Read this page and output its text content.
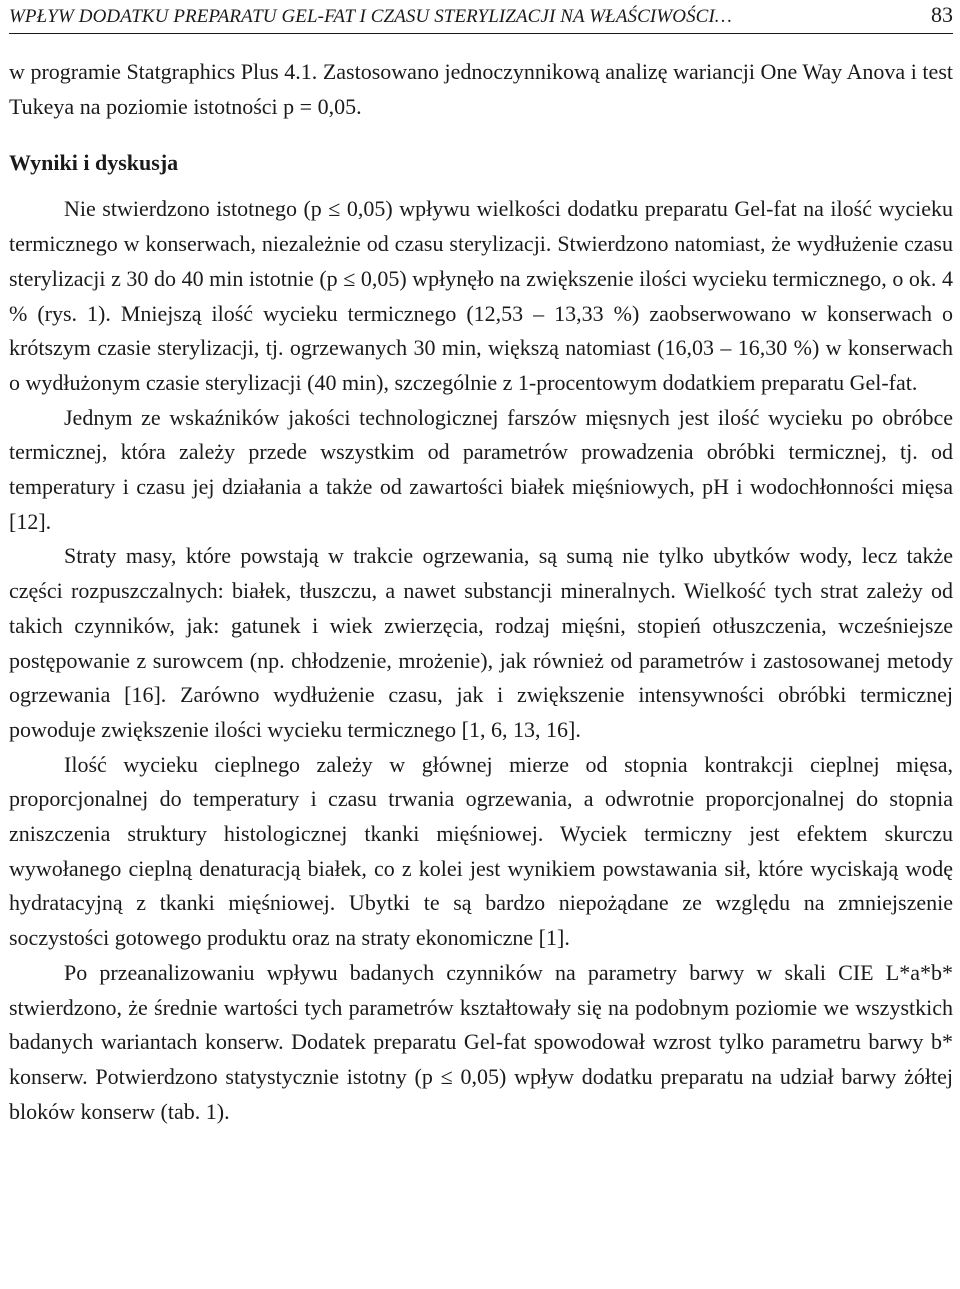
WPŁYW DODATKU PREPARATU GEL-FAT I CZASU STERYLIZACJI NA WŁAŚCIWOŚCI…	83

w programie Statgraphics Plus 4.1. Zastosowano jednoczynnikową analizę wariancji One Way Anova i test Tukeya na poziomie istotności p = 0,05.

Wyniki i dyskusja

Nie stwierdzono istotnego (p ≤ 0,05) wpływu wielkości dodatku preparatu Gel-fat na ilość wycieku termicznego w konserwach, niezależnie od czasu sterylizacji. Stwierdzono natomiast, że wydłużenie czasu sterylizacji z 30 do 40 min istotnie (p ≤ 0,05) wpłynęło na zwiększenie ilości wycieku termicznego, o ok. 4 % (rys. 1). Mniejszą ilość wycieku termicznego (12,53 – 13,33 %) zaobserwowano w konserwach o krótszym czasie sterylizacji, tj. ogrzewanych 30 min, większą natomiast (16,03 – 16,30 %) w konserwach o wydłużonym czasie sterylizacji (40 min), szczególnie z 1-procentowym dodatkiem preparatu Gel-fat.

Jednym ze wskaźników jakości technologicznej farszów mięsnych jest ilość wycieku po obróbce termicznej, która zależy przede wszystkim od parametrów prowadzenia obróbki termicznej, tj. od temperatury i czasu jej działania a także od zawartości białek mięśniowych, pH i wodochłonności mięsa [12].

Straty masy, które powstają w trakcie ogrzewania, są sumą nie tylko ubytków wody, lecz także części rozpuszczalnych: białek, tłuszczu, a nawet substancji mineralnych. Wielkość tych strat zależy od takich czynników, jak: gatunek i wiek zwierzęcia, rodzaj mięśni, stopień otłuszczenia, wcześniejsze postępowanie z surowcem (np. chłodzenie, mrożenie), jak również od parametrów i zastosowanej metody ogrzewania [16]. Zarówno wydłużenie czasu, jak i zwiększenie intensywności obróbki termicznej powoduje zwiększenie ilości wycieku termicznego [1, 6, 13, 16].

Ilość wycieku cieplnego zależy w głównej mierze od stopnia kontrakcji cieplnej mięsa, proporcjonalnej do temperatury i czasu trwania ogrzewania, a odwrotnie proporcjonalnej do stopnia zniszczenia struktury histologicznej tkanki mięśniowej. Wyciek termiczny jest efektem skurczu wywołanego cieplną denaturacją białek, co z kolei jest wynikiem powstawania sił, które wyciskają wodę hydratacyjną z tkanki mięśniowej. Ubytki te są bardzo niepożądane ze względu na zmniejszenie soczystości gotowego produktu oraz na straty ekonomiczne [1].

Po przeanalizowaniu wpływu badanych czynników na parametry barwy w skali CIE L*a*b* stwierdzono, że średnie wartości tych parametrów kształtowały się na podobnym poziomie we wszystkich badanych wariantach konserw. Dodatek preparatu Gel-fat spowodował wzrost tylko parametru barwy b* konserw. Potwierdzono statystycznie istotny (p ≤ 0,05) wpływ dodatku preparatu na udział barwy żółtej bloków konserw (tab. 1).
